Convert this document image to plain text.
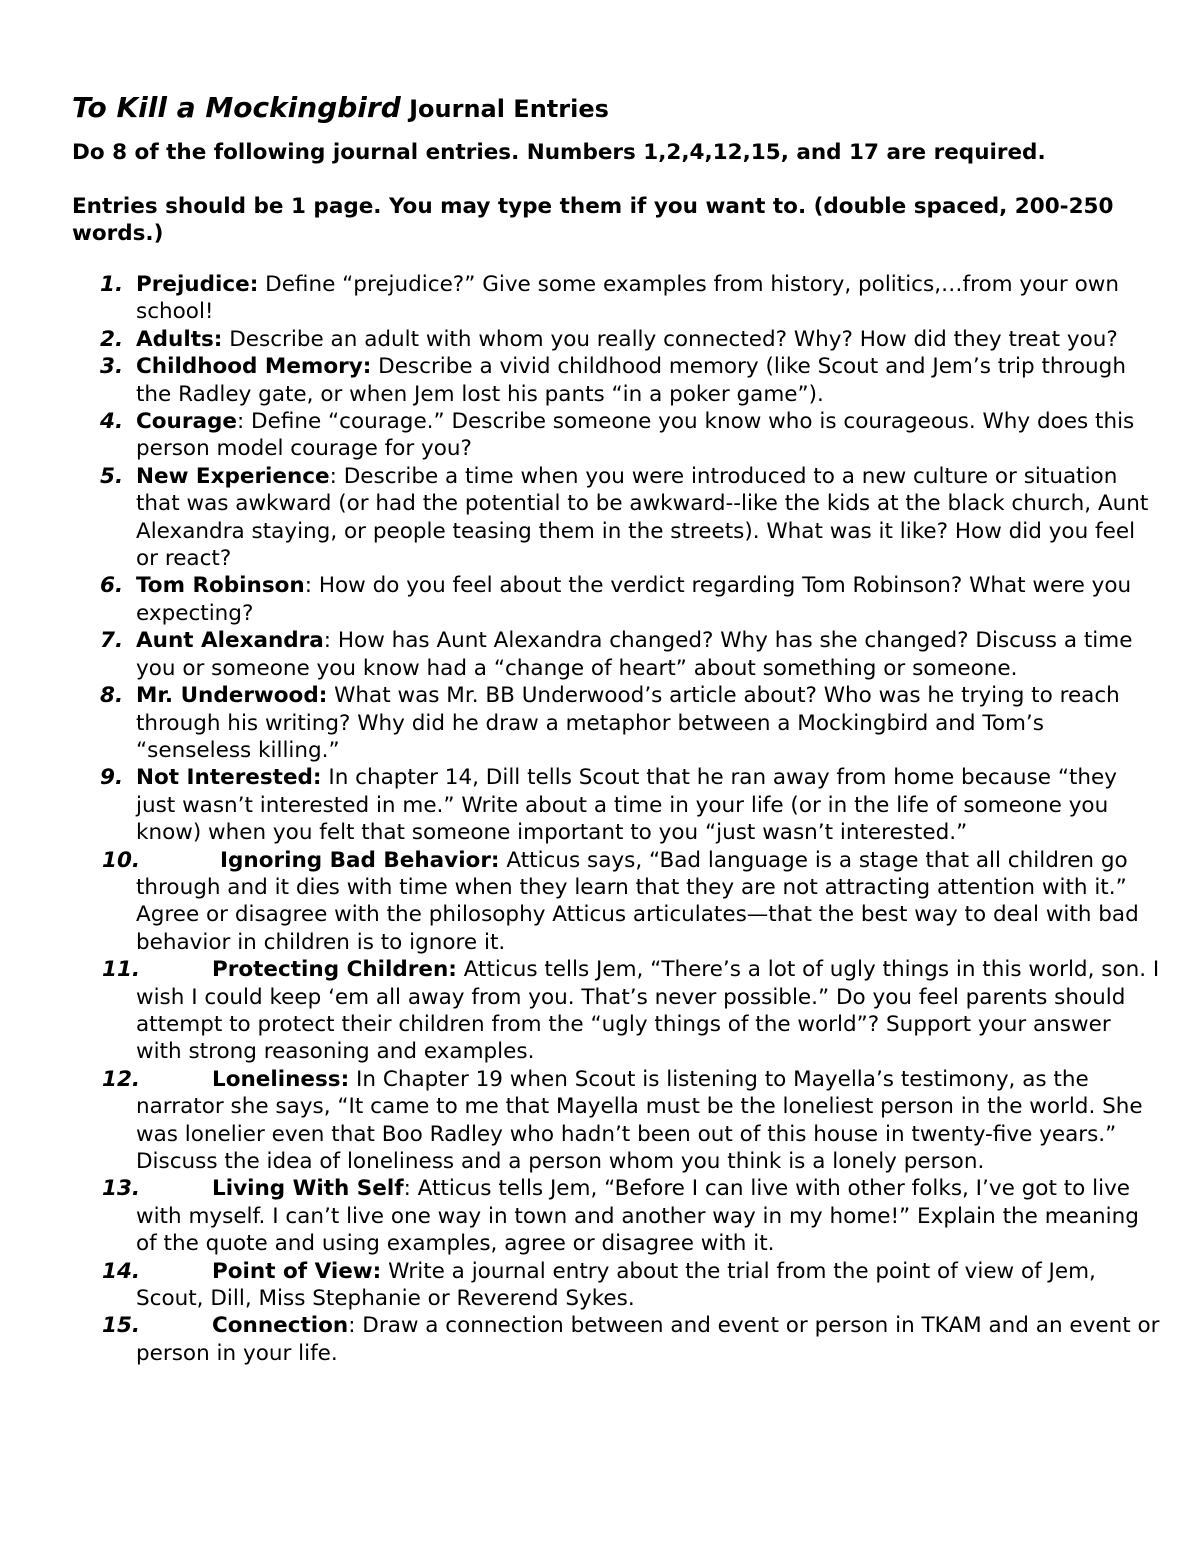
To Kill a Mockingbird Journal Entries

Do 8 of the following journal entries. Numbers 1,2,4,12,15, and 17 are required.

Entries should be 1 page. You may type them if you want to. (double spaced, 200-250 words.)

1. Prejudice: Define “prejudice?” Give some examples from history, politics,…from your own school!
2. Adults: Describe an adult with whom you really connected? Why? How did they treat you?
3. Childhood Memory: Describe a vivid childhood memory (like Scout and Jem’s trip through the Radley gate, or when Jem lost his pants “in a poker game”).
4. Courage: Define “courage.” Describe someone you know who is courageous. Why does this person model courage for you?
5. New Experience: Describe a time when you were introduced to a new culture or situation that was awkward (or had the potential to be awkward--like the kids at the black church, Aunt Alexandra staying, or people teasing them in the streets). What was it like? How did you feel or react?
6. Tom Robinson: How do you feel about the verdict regarding Tom Robinson? What were you expecting?
7. Aunt Alexandra: How has Aunt Alexandra changed? Why has she changed? Discuss a time you or someone you know had a “change of heart” about something or someone.
8. Mr. Underwood: What was Mr. BB Underwood’s article about? Who was he trying to reach through his writing? Why did he draw a metaphor between a Mockingbird and Tom’s “senseless killing.”
9. Not Interested: In chapter 14, Dill tells Scout that he ran away from home because “they just wasn’t interested in me.” Write about a time in your life (or in the life of someone you know) when you felt that someone important to you “just wasn’t interested.”
10.	Ignoring Bad Behavior: Atticus says, “Bad language is a stage that all children go through and it dies with time when they learn that they are not attracting attention with it.” Agree or disagree with the philosophy Atticus articulates—that the best way to deal with bad behavior in children is to ignore it.
11.	Protecting Children: Atticus tells Jem, “There’s a lot of ugly things in this world, son. I wish I could keep ‘em all away from you. That’s never possible.” Do you feel parents should attempt to protect their children from the “ugly things of the world”? Support your answer with strong reasoning and examples.
12.	Loneliness: In Chapter 19 when Scout is listening to Mayella’s testimony, as the narrator she says, “It came to me that Mayella must be the loneliest person in the world. She was lonelier even that Boo Radley who hadn’t been out of this house in twenty-five years.” Discuss the idea of loneliness and a person whom you think is a lonely person.
13.	Living With Self: Atticus tells Jem, “Before I can live with other folks, I’ve got to live with myself. I can’t live one way in town and another way in my home!” Explain the meaning of the quote and using examples, agree or disagree with it.
14.	Point of View: Write a journal entry about the trial from the point of view of Jem, Scout, Dill, Miss Stephanie or Reverend Sykes.
15.	Connection: Draw a connection between and event or person in TKAM and an event or person in your life.
